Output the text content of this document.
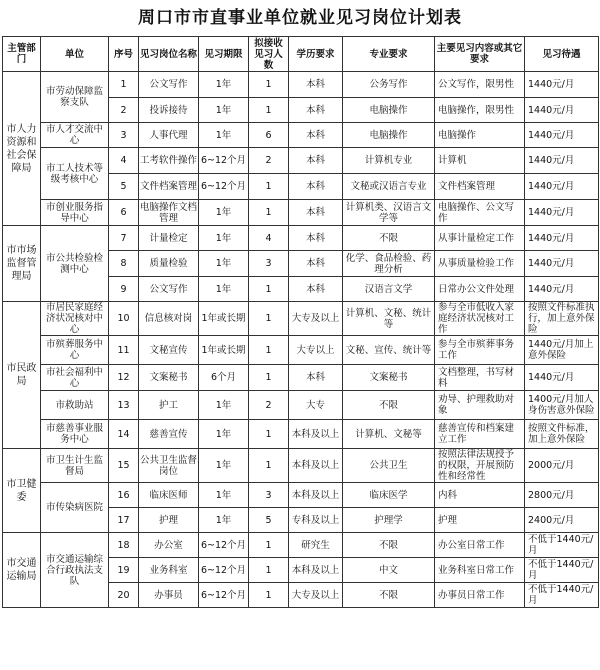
周口市市直事业单位就业见习岗位计划表
主管部门	单位	序号	见习岗位名称	见习期限	拟接收见习人数	学历要求	专业要求	主要见习内容或其它要求	见习待遇
市人力资源和社会保障局	市劳动保障监察支队	1	公文写作	1年	1	本科	公务写作	公文写作，限男性	1440元/月
		2	投诉接待	1年	1	本科	电脑操作	电脑操作，限男性	1440元/月
	市人才交流中心	3	人事代理	1年	6	本科	电脑操作	电脑操作	1440元/月
	市工人技术等级考核中心	4	工考软件操作	6~12个月	2	本科	计算机专业	计算机	1440元/月
		5	文件档案管理	6~12个月	1	本科	文秘或汉语言专业	文件档案管理	1440元/月
	市创业服务指导中心	6	电脑操作文档管理	1年	1	本科	计算机类、汉语言文学等	电脑操作、公文写作	1440元/月
市市场监督管理局	市公共检验检测中心	7	计量检定	1年	4	本科	不限	从事计量检定工作	1440元/月
		8	质量检验	1年	3	本科	化学、食品检验、药理分析	从事质量检验工作	1440元/月
		9	公文写作	1年	1	本科	汉语言文学	日常办公文件处理	1440元/月
市民政局	市居民家庭经济状况核对中心	10	信息核对岗	1年或长期	1	大专及以上	计算机、文秘、统计等	参与全市低收入家庭经济状况核对工作	按照文件标准执行，加上意外保险
	市殡葬服务中心	11	文秘宣传	1年或长期	1	大专以上	文秘、宣传、统计等	参与全市殡葬事务工作	1440元/月加上意外保险
	市社会福利中心	12	文案秘书	6个月	1	本科	文案秘书	文档整理，书写材料	1440元/月
	市救助站	13	护工	1年	2	大专	不限	劝导、护理救助对象	1400元/月加人身伤害意外保险
	市慈善事业服务中心	14	慈善宣传	1年	1	本科及以上	计算机、文秘等	慈善宣传和档案建立工作	按照文件标准，加上意外保险
市卫健委	市卫生计生监督局	15	公共卫生监督岗位	1年	1	本科及以上	公共卫生	按照法律法规授予的权限，开展预防性和经常性	2000元/月
	市传染病医院	16	临床医师	1年	3	本科及以上	临床医学	内科	2800元/月
		17	护理	1年	5	专科及以上	护理学	护理	2400元/月
市交通运输局	市交通运输综合行政执法支队	18	办公室	6~12个月	1	研究生	不限	办公室日常工作	不低于1440元/月
		19	业务科室	6~12个月	1	本科及以上	中文	业务科室日常工作	不低于1440元/月
		20	办事员	6~12个月	1	大专及以上	不限	办事员日常工作	不低于1440元/月
